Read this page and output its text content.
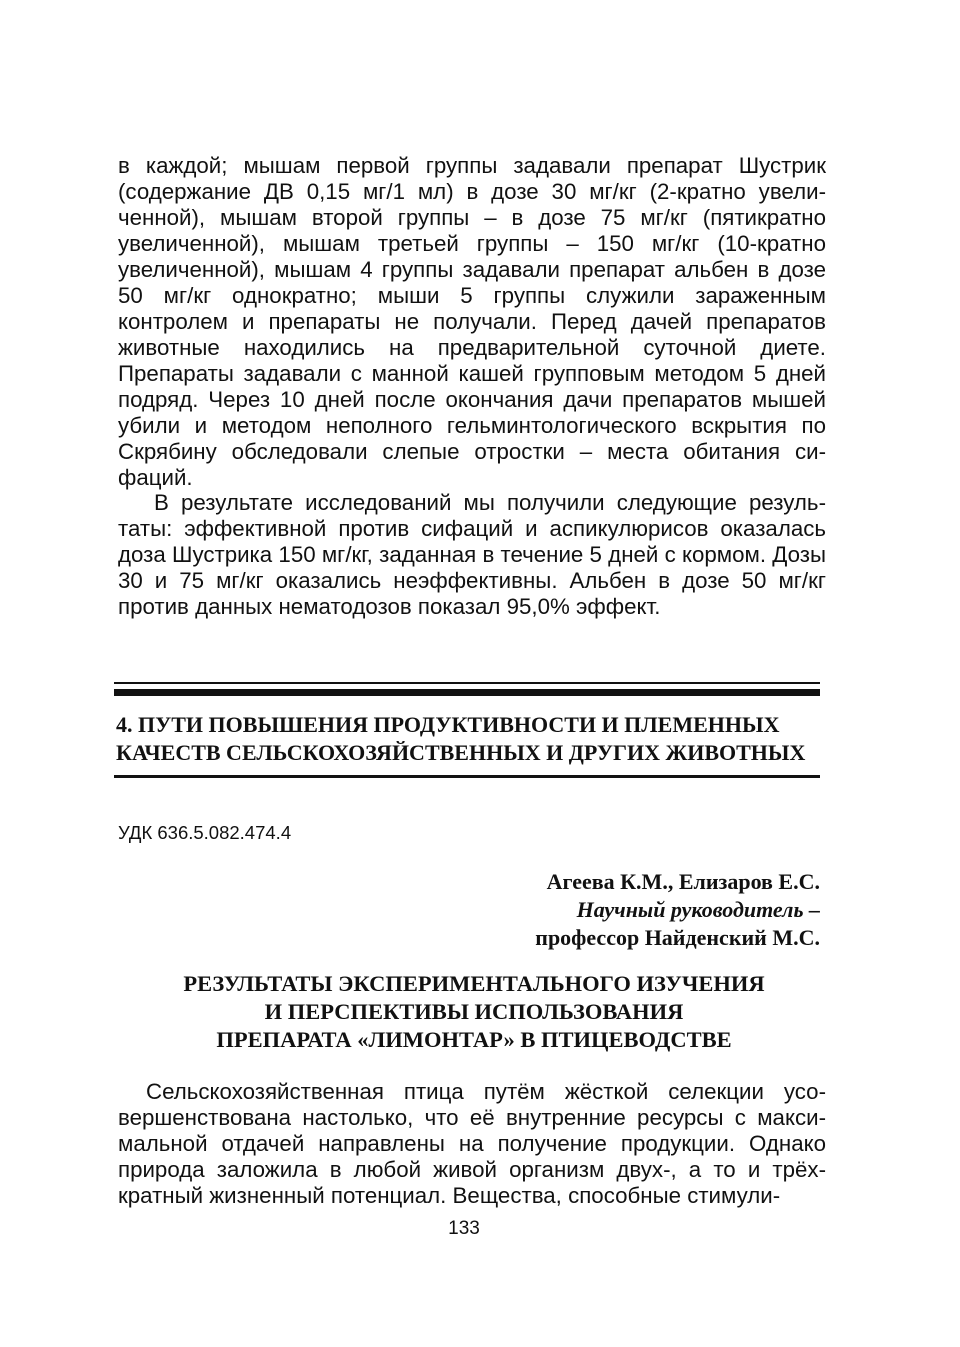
в каждой; мышам первой группы задавали препарат Шустрик (содержание ДВ 0,15 мг/1 мл) в дозе 30 мг/кг (2-кратно увеличенной), мышам второй группы – в дозе 75 мг/кг (пятикратно увеличенной), мышам третьей группы – 150 мг/кг (10-кратно увеличенной), мышам 4 группы задавали препарат альбен в дозе 50 мг/кг однократно; мыши 5 группы служили зараженным контролем и препараты не получали. Перед дачей препаратов животные находились на предварительной суточной диете. Препараты задавали с манной кашей групповым методом 5 дней подряд. Через 10 дней после окончания дачи препаратов мышей убили и методом неполного гельминтологического вскрытия по Скрябину обследовали слепые отростки – места обитания сифаций.

В результате исследований мы получили следующие результаты: эффективной против сифаций и аспикулюрисов оказалась доза Шустрика 150 мг/кг, заданная в течение 5 дней с кормом. Дозы 30 и 75 мг/кг оказались неэффективны. Альбен в дозе 50 мг/кг против данных нематодозов показал 95,0% эффект.

4. ПУТИ ПОВЫШЕНИЯ ПРОДУКТИВНОСТИ И ПЛЕМЕННЫХ
КАЧЕСТВ СЕЛЬСКОХОЗЯЙСТВЕННЫХ И ДРУГИХ ЖИВОТНЫХ
УДК 636.5.082.474.4
Агеева К.М., Елизаров Е.С.
Научный руководитель –
профессор Найденский М.С.
РЕЗУЛЬТАТЫ ЭКСПЕРИМЕНТАЛЬНОГО ИЗУЧЕНИЯ
И ПЕРСПЕКТИВЫ ИСПОЛЬЗОВАНИЯ
ПРЕПАРАТА «ЛИМОНТАР» В ПТИЦЕВОДСТВЕ

Сельскохозяйственная птица путём жёсткой селекции усовершенствована настолько, что её внутренние ресурсы с максимальной отдачей направлены на получение продукции. Однако природа заложила в любой живой организм двух-, а то и трёхкратный жизненный потенциал. Вещества, способные стимули-

133
